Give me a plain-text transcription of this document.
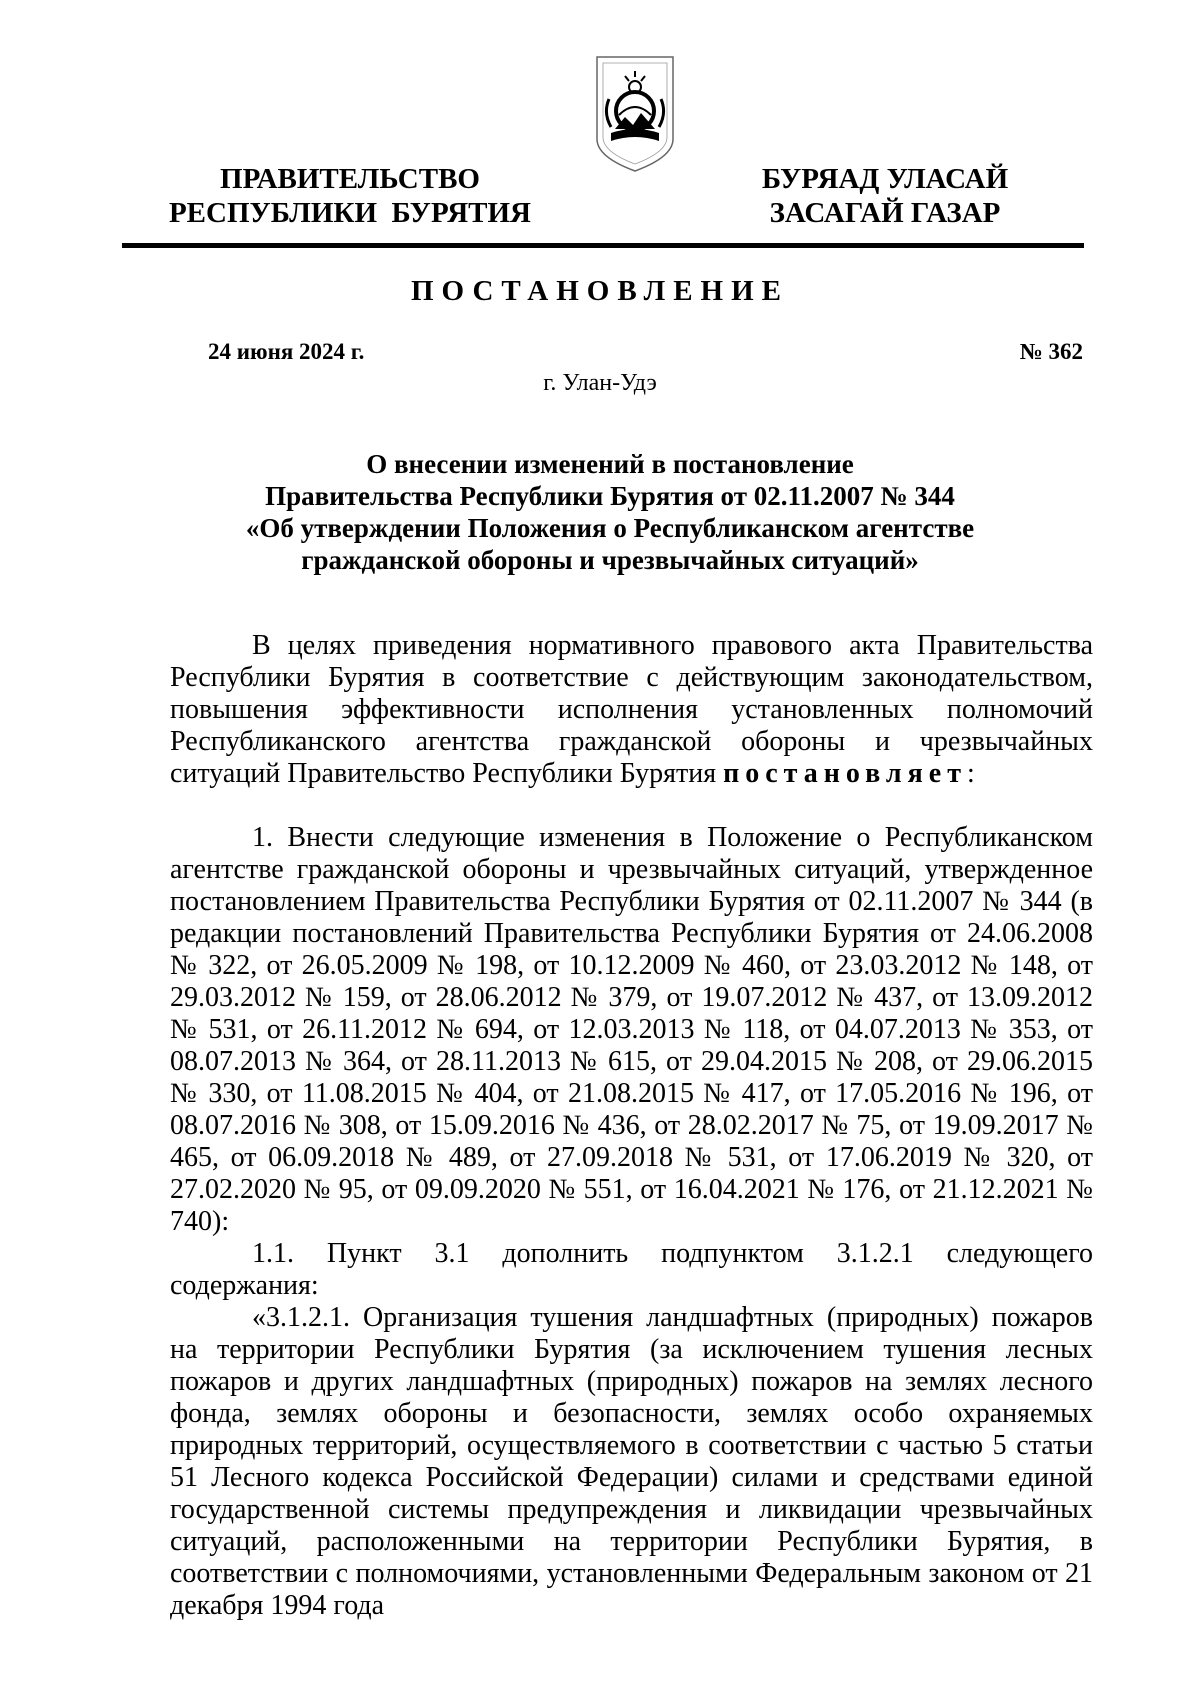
ПРАВИТЕЛЬСТВО
РЕСПУБЛИКИ  БУРЯТИЯ
БУРЯАД УЛАСАЙ
ЗАСАГАЙ ГАЗАР
ПОСТАНОВЛЕНИЕ
24 июня 2024 г.	№ 362
г. Улан-Удэ
О внесении изменений в постановление
Правительства Республики Бурятия от 02.11.2007 № 344
«Об утверждении Положения о Республиканском агентстве
гражданской обороны и чрезвычайных ситуаций»

В целях приведения нормативного правового акта Правительства Республики Бурятия в соответствие с действующим законодательством, повышения эффективности исполнения установленных полномочий Республиканского агентства гражданской обороны и чрезвычайных ситуаций Правительство Республики Бурятия постановляет:

1. Внести следующие изменения в Положение о Республиканском агентстве гражданской обороны и чрезвычайных ситуаций, утвержденное постановлением Правительства Республики Бурятия от 02.11.2007 № 344 (в редакции постановлений Правительства Республики Бурятия от 24.06.2008 № 322, от 26.05.2009 № 198, от 10.12.2009 № 460, от 23.03.2012 № 148, от 29.03.2012 № 159, от 28.06.2012 № 379, от 19.07.2012 № 437, от 13.09.2012 № 531, от 26.11.2012 № 694, от 12.03.2013 № 118, от 04.07.2013 № 353, от 08.07.2013 № 364, от 28.11.2013 № 615, от 29.04.2015 № 208, от 29.06.2015 № 330, от 11.08.2015 № 404, от 21.08.2015 № 417, от 17.05.2016 № 196, от 08.07.2016 № 308, от 15.09.2016 № 436, от 28.02.2017 № 75, от 19.09.2017 № 465, от 06.09.2018 № 489, от 27.09.2018 № 531, от 17.06.2019 № 320, от 27.02.2020 № 95, от 09.09.2020 № 551, от 16.04.2021 № 176, от 21.12.2021 № 740):

1.1. Пункт 3.1 дополнить подпунктом 3.1.2.1 следующего содержания:

«3.1.2.1. Организация тушения ландшафтных (природных) пожаров на территории Республики Бурятия (за исключением тушения лесных пожаров и других ландшафтных (природных) пожаров на землях лесного фонда, землях обороны и безопасности, землях особо охраняемых природных территорий, осуществляемого в соответствии с частью 5 статьи 51 Лесного кодекса Российской Федерации) силами и средствами единой государственной системы предупреждения и ликвидации чрезвычайных ситуаций, расположенными на территории Республики Бурятия, в соответствии с полномочиями, установленными Федеральным законом от 21 декабря 1994 года
